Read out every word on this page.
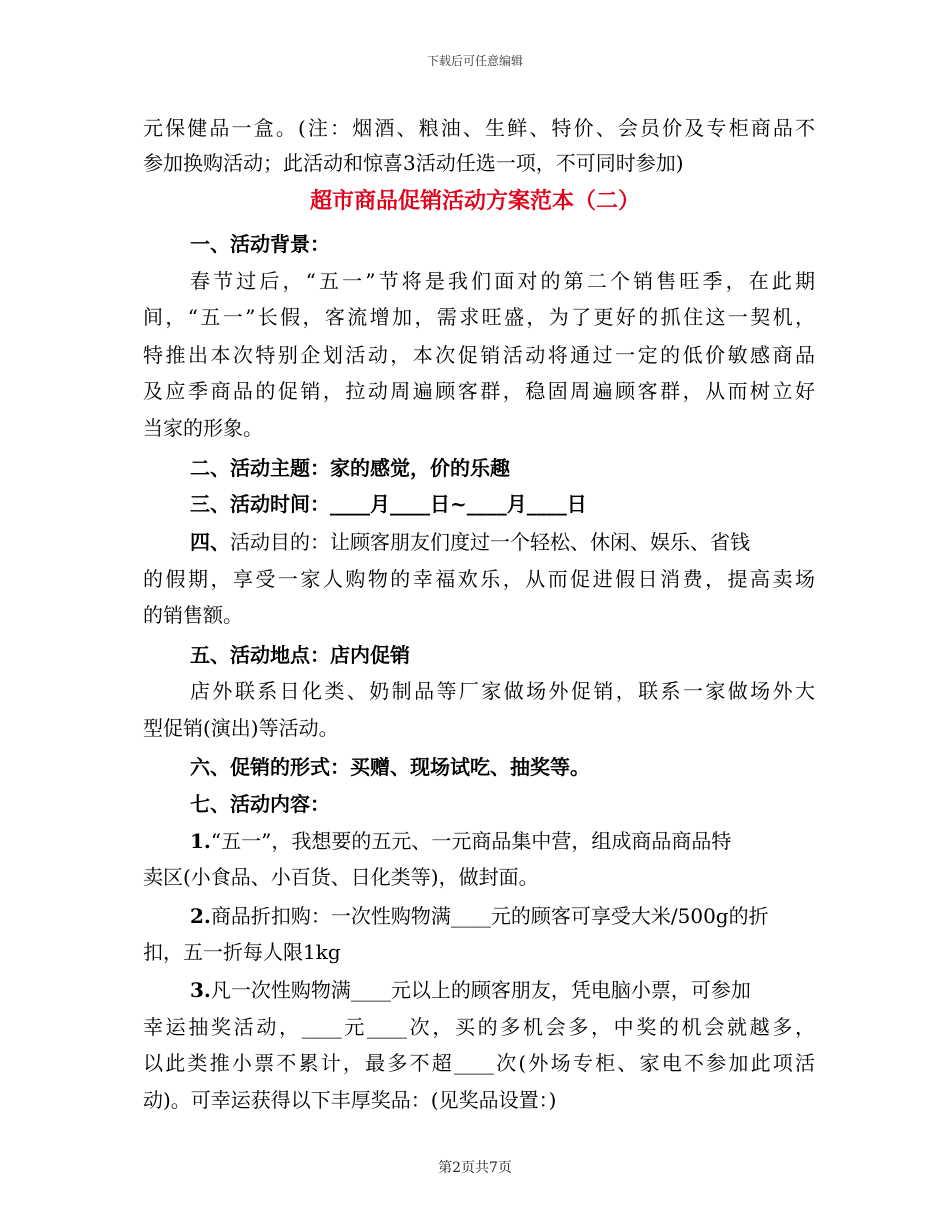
下载后可任意编辑
元保健品一盒。(注：烟酒、粮油、生鲜、特价、会员价及专柜商品不
参加换购活动；此活动和惊喜3活动任选一项，不可同时参加)
超市商品促销活动方案范本（二）
一、活动背景：
春节过后，“五一”节将是我们面对的第二个销售旺季，在此期
间，“五一”长假，客流增加，需求旺盛，为了更好的抓住这一契机，
特推出本次特别企划活动，本次促销活动将通过一定的低价敏感商品
及应季商品的促销，拉动周遍顾客群，稳固周遍顾客群，从而树立好
当家的形象。
二、活动主题：家的感觉，价的乐趣
三、活动时间：____月____日~____月____日
四、活动目的：让顾客朋友们度过一个轻松、休闲、娱乐、省钱
的假期，享受一家人购物的幸福欢乐，从而促进假日消费，提高卖场
的销售额。
五、活动地点：店内促销
店外联系日化类、奶制品等厂家做场外促销，联系一家做场外大
型促销(演出)等活动。
六、促销的形式：买赠、现场试吃、抽奖等。
七、活动内容：
1.“五一”，我想要的五元、一元商品集中营，组成商品商品特
卖区(小食品、小百货、日化类等)，做封面。
2.商品折扣购：一次性购物满____元的顾客可享受大米/500g的折
扣，五一折每人限1kg
3.凡一次性购物满____元以上的顾客朋友，凭电脑小票，可参加
幸运抽奖活动，____元____次，买的多机会多，中奖的机会就越多，
以此类推小票不累计，最多不超____次(外场专柜、家电不参加此项活
动)。可幸运获得以下丰厚奖品：(见奖品设置：)
第2页共7页
